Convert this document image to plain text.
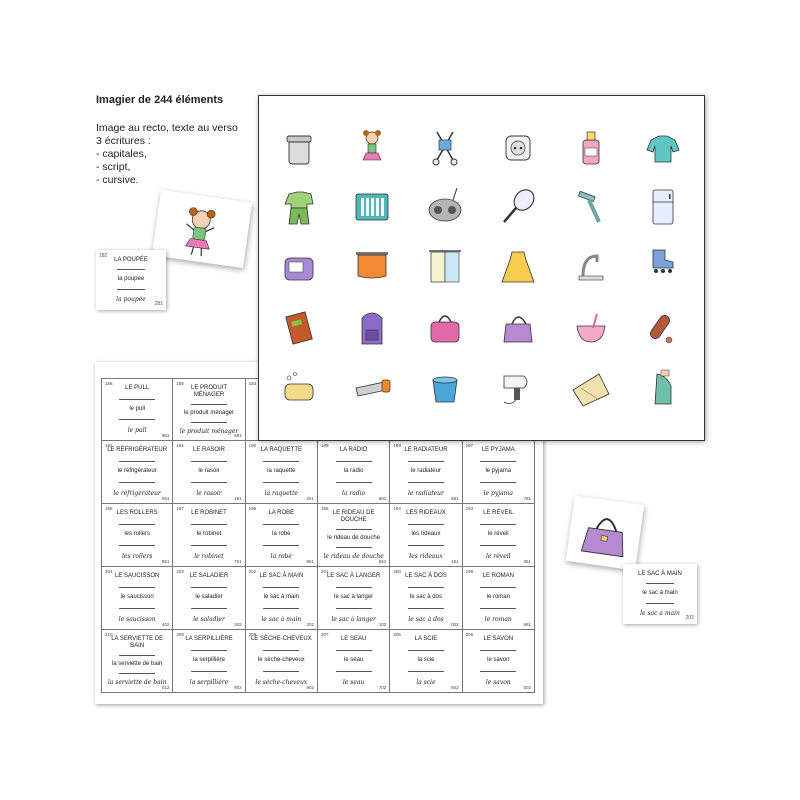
Imagier de 244 éléments

Image au recto, texte au verso

3 écritures :

- capitales,

- script,

- cursive.

182
LA POUPÉE
la poupée
la poupée
281
186
LE PULL
le pull
le pull
981
185
LE PRODUIT MÉNAGER
le produit ménager
le produit ménager
881
184
192
LE RÉFRIGÉRATEUR
le réfrigérateur
le réfrigérateur
061
191
LE RASOIR
le rasoir
le rasoir
161
190
LA RAQUETTE
la raquette
la raquette
261
189
LA RADIO
la radio
la radio
681
188
LE RADIATEUR
le radiateur
le radiateur
881
187
LE PYJAMA
le pyjama
le pyjama
781
198
LES ROLLERS
les rollers
les rollers
861
197
LE ROBINET
le robinet
le robinet
761
196
LA ROBE
la robe
la robe
961
195
LE RIDEAU DE DOUCHE
le rideau de douche
le rideau de douche
561
194
LES RIDEAUX
les rideaux
les rideaux
461
193
LE RÉVEIL
le réveil
le réveil
361
204
LE SAUCISSON
le saucisson
le saucisson
402
203
LE SALADIER
le saladier
le saladier
302
202
LE SAC À MAIN
le sac à main
le sac à main
202
201
LE SAC À LANGER
le sac à langer
le sac à langer
102
200
LE SAC À DOS
le sac à dos
le sac à dos
002
199
LE ROMAN
le roman
le roman
991
210
LA SERVIETTE DE BAIN
la serviette de bain
la serviette de bain
012
209
LA SERPILLIÈRE
la serpillière
la serpillière
902
208
LE SÈCHE-CHEVEUX
le sèche-cheveux
le sèche-cheveux
802
207
LE SEAU
le seau
le seau
702
206
LA SCIE
la scie
la scie
602
205
LE SAVON
le savon
le savon
502
LE SAC À MAIN
le sac à main
le sac à main
202
